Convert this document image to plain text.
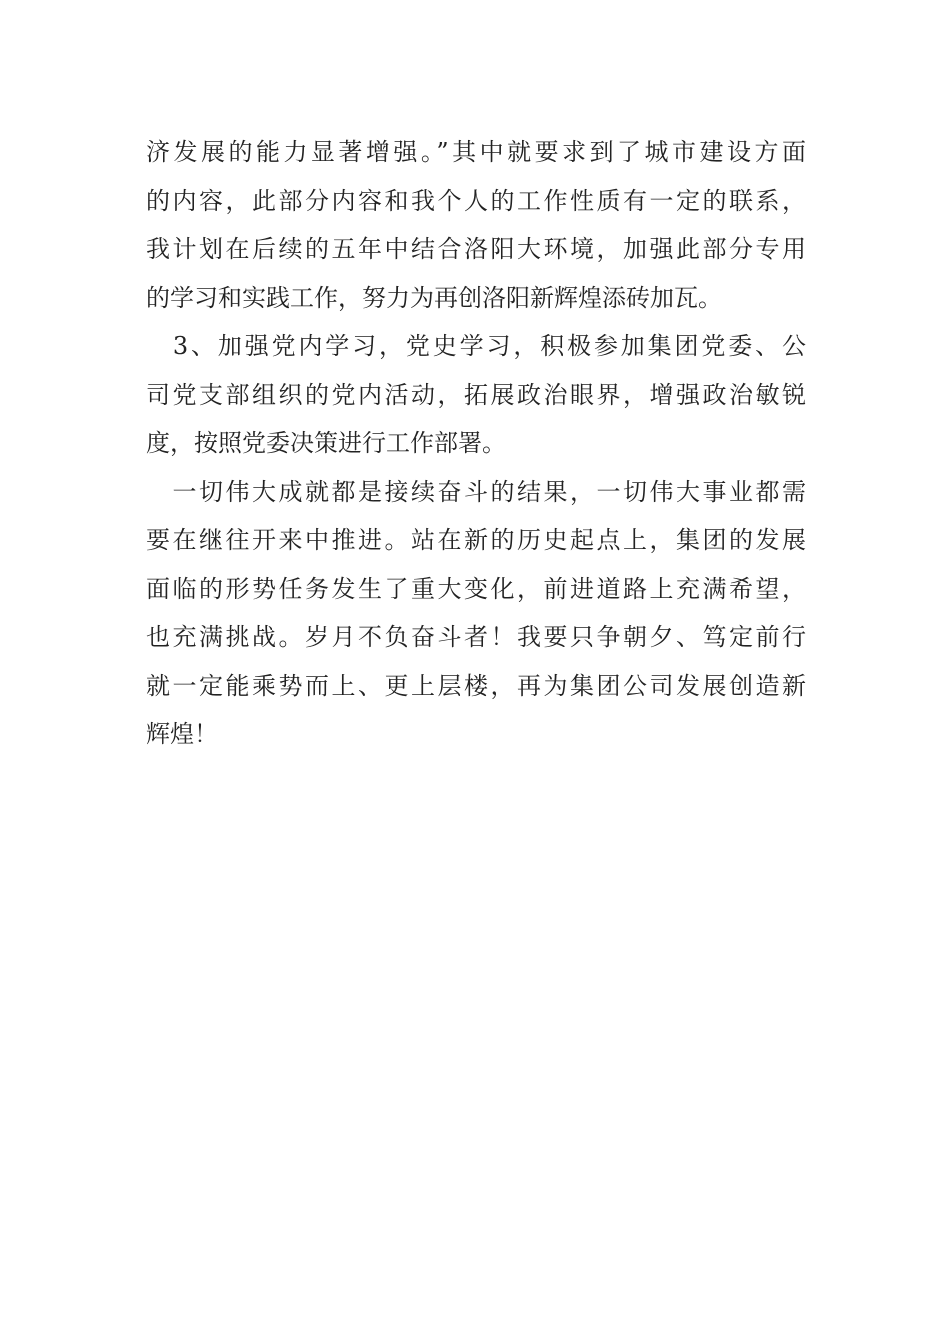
济发展的能力显著增强。”其中就要求到了城市建设方面
的内容，此部分内容和我个人的工作性质有一定的联系，
我计划在后续的五年中结合洛阳大环境，加强此部分专用
的学习和实践工作，努力为再创洛阳新辉煌添砖加瓦。
　3、加强党内学习，党史学习，积极参加集团党委、公
司党支部组织的党内活动，拓展政治眼界，增强政治敏锐
度，按照党委决策进行工作部署。
　一切伟大成就都是接续奋斗的结果，一切伟大事业都需
要在继往开来中推进。站在新的历史起点上，集团的发展
面临的形势任务发生了重大变化，前进道路上充满希望，
也充满挑战。岁月不负奋斗者！我要只争朝夕、笃定前行
就一定能乘势而上、更上层楼，再为集团公司发展创造新
辉煌！
